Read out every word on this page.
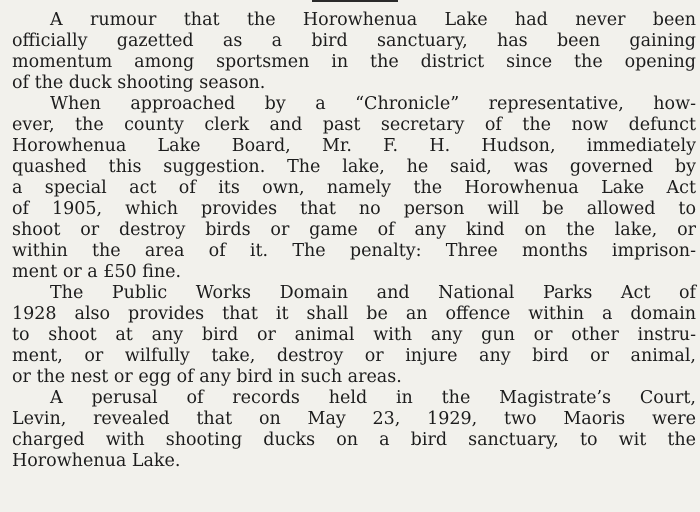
A rumour that the Horowhenua Lake had never been
officially gazetted as a bird sanctuary, has been gaining
momentum among sportsmen in the district since the opening
of the duck shooting season.
When approached by a “Chronicle” representative, how-
ever, the county clerk and past secretary of the now defunct
Horowhenua Lake Board, Mr. F. H. Hudson, immediately
quashed this suggestion. The lake, he said, was governed by
a special act of its own, namely the Horowhenua Lake Act
of 1905, which provides that no person will be allowed to
shoot or destroy birds or game of any kind on the lake, or
within the area of it. The penalty: Three months imprison-
ment or a £50 fine.
The Public Works Domain and National Parks Act of
1928 also provides that it shall be an offence within a domain
to shoot at any bird or animal with any gun or other instru-
ment, or wilfully take, destroy or injure any bird or animal,
or the nest or egg of any bird in such areas.
A perusal of records held in the Magistrate’s Court,
Levin, revealed that on May 23, 1929, two Maoris were
charged with shooting ducks on a bird sanctuary, to wit the
Horowhenua Lake.
